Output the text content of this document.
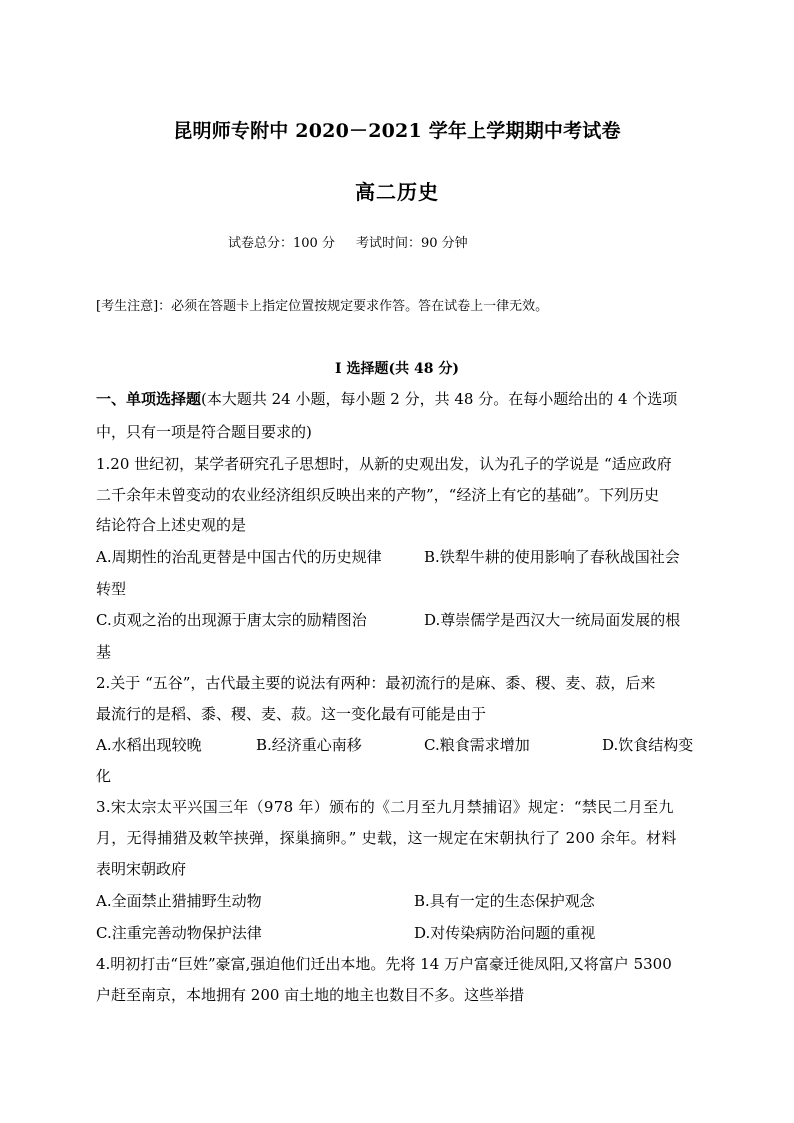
昆明师专附中 2020－2021 学年上学期期中考试卷
高二历史
试卷总分：100 分 考试时间：90 分钟
[考生注意]：必须在答题卡上指定位置按规定要求作答。答在试卷上一律无效。
I 选择题(共 48 分)
一、单项选择题(本大题共 24 小题，每小题 2 分，共 48 分。在每小题给出的 4 个选项
中，只有一项是符合题目要求的)
1.20 世纪初，某学者研究孔子思想时，从新的史观出发，认为孔子的学说是 “适应政府
二千余年未曾变动的农业经济组织反映出来的产物”，“经济上有它的基础”。下列历史
结论符合上述史观的是
A.周期性的治乱更替是中国古代的历史规律	B.铁犁牛耕的使用影响了春秋战国社会
转型
C.贞观之治的出现源于唐太宗的励精图治	D.尊崇儒学是西汉大一统局面发展的根
基
2.关于 “五谷”，古代最主要的说法有两种：最初流行的是麻、黍、稷、麦、菽，后来
最流行的是稻、黍、稷、麦、菽。这一变化最有可能是由于
A.水稻出现较晚	B.经济重心南移	C.粮食需求增加	D.饮食结构变
化
3.宋太宗太平兴国三年（978 年）颁布的《二月至九月禁捕诏》规定：“禁民二月至九
月，无得捕猎及敕竿挟弹，探巢摘卵。” 史载，这一规定在宋朝执行了 200 余年。材料
表明宋朝政府
A.全面禁止猎捕野生动物	B.具有一定的生态保护观念
C.注重完善动物保护法律	D.对传染病防治问题的重视
4.明初打击“巨姓”豪富,强迫他们迁出本地。先将 14 万户富豪迁徙凤阳,又将富户 5300
户赶至南京，本地拥有 200 亩土地的地主也数目不多。这些举措
